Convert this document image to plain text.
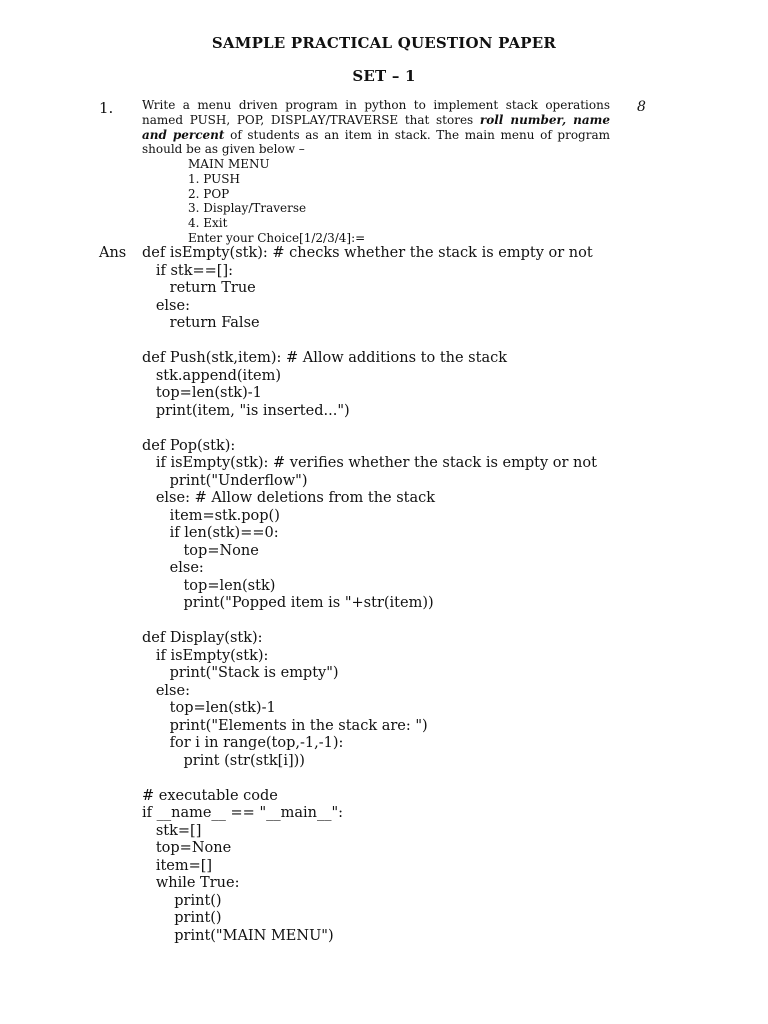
SAMPLE PRACTICAL QUESTION PAPER
SET – 1
1.	8

Write a menu driven program in python to implement stack operations named PUSH, POP, DISPLAY/TRAVERSE that stores roll number, name and percent of students as an item in stack. The main menu of program should be as given below –

MAIN MENU
1. PUSH
2. POP
3. Display/Traverse
4. Exit
Enter your Choice[1/2/3/4]:=
Ans def isEmpty(stk): # checks whether the stack is empty or not
if stk==[]:
return True
else:
return False
def Push(stk,item): # Allow additions to the stack
stk.append(item)
top=len(stk)-1
print(item, "is inserted...")
def Pop(stk):
if isEmpty(stk): # verifies whether the stack is empty or not
print("Underflow")
else: # Allow deletions from the stack
item=stk.pop()
if len(stk)==0:
top=None
else:
top=len(stk)
print("Popped item is "+str(item))
def Display(stk):
if isEmpty(stk):
print("Stack is empty")
else:
top=len(stk)-1
print("Elements in the stack are: ")
for i in range(top,-1,-1):
print (str(stk[i]))
# executable code
if __name__ == "__main__":
stk=[]
top=None
item=[]
while True:
print()
print()
print("MAIN MENU")
